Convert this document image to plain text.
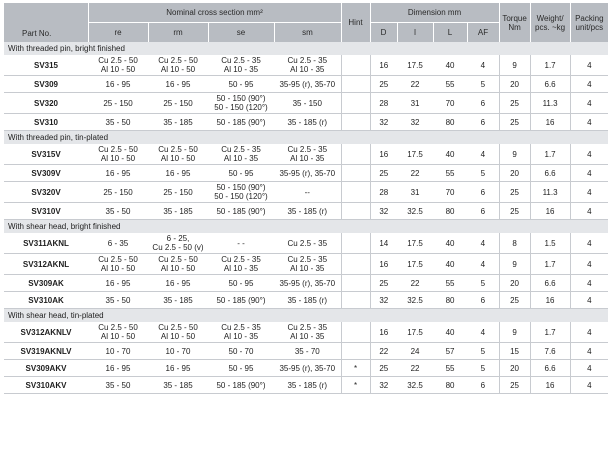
Part No.	Nominal cross section mm²				Hint	Dimension mm				Torque Nm	Weight/ pcs. ~kg	Packing unit/pcs
	re	rm	se	sm		D	l	L	AF			
With threaded pin, bright finished												
SV315	Cu 2.5 - 50
Al 10 - 50	Cu 2.5 - 50
Al 10 - 50	Cu 2.5 - 35
Al 10 - 35	Cu 2.5 - 35
Al 10 - 35		16	17.5	40	4	9	1.7	4
SV309	16 - 95	16 - 95	50 - 95	35-95 (r), 35-70		25	22	55	5	20	6.6	4
SV320	25 - 150	25 - 150	50 - 150 (90°)
50 - 150 (120°)	35 - 150		28	31	70	6	25	11.3	4
SV310	35 - 50	35 - 185	50 - 185 (90°)	35 - 185 (r)		32	32	80	6	25	16	4
With threaded pin, tin-plated												
SV315V	Cu 2.5 - 50
Al 10 - 50	Cu 2.5 - 50
Al 10 - 50	Cu 2.5 - 35
Al 10 - 35	Cu 2.5 - 35
Al 10 - 35		16	17.5	40	4	9	1.7	4
SV309V	16 - 95	16 - 95	50 - 95	35-95 (r), 35-70		25	22	55	5	20	6.6	4
SV320V	25 - 150	25 - 150	50 - 150 (90°)
50 - 150 (120°)	--		28	31	70	6	25	11.3	4
SV310V	35 - 50	35 - 185	50 - 185 (90°)	35 - 185 (r)		32	32.5	80	6	25	16	4
With shear head, bright finished												
SV311AKNL	6 - 35	6 - 25,
Cu 2.5 - 50 (v)	- -	Cu 2.5 - 35		14	17.5	40	4	8	1.5	4
SV312AKNL	Cu 2.5 - 50
Al 10 - 50	Cu 2.5 - 50
Al 10 - 50	Cu 2.5 - 35
Al 10 - 35	Cu 2.5 - 35
Al 10 - 35		16	17.5	40	4	9	1.7	4
SV309AK	16 - 95	16 - 95	50 - 95	35-95 (r), 35-70		25	22	55	5	20	6.6	4
SV310AK	35 - 50	35 - 185	50 - 185 (90°)	35 - 185 (r)		32	32.5	80	6	25	16	4
With shear head, tin-plated												
SV312AKNLV	Cu 2.5 - 50
Al 10 - 50	Cu 2.5 - 50
Al 10 - 50	Cu 2.5 - 35
Al 10 - 35	Cu 2.5 - 35
Al 10 - 35		16	17.5	40	4	9	1.7	4
SV319AKNLV	10 - 70	10 - 70	50 - 70	35 - 70		22	24	57	5	15	7.6	4
SV309AKV	16 - 95	16 - 95	50 - 95	35-95 (r), 35-70	*	25	22	55	5	20	6.6	4
SV310AKV	35 - 50	35 - 185	50 - 185 (90°)	35 - 185 (r)	*	32	32.5	80	6	25	16	4
